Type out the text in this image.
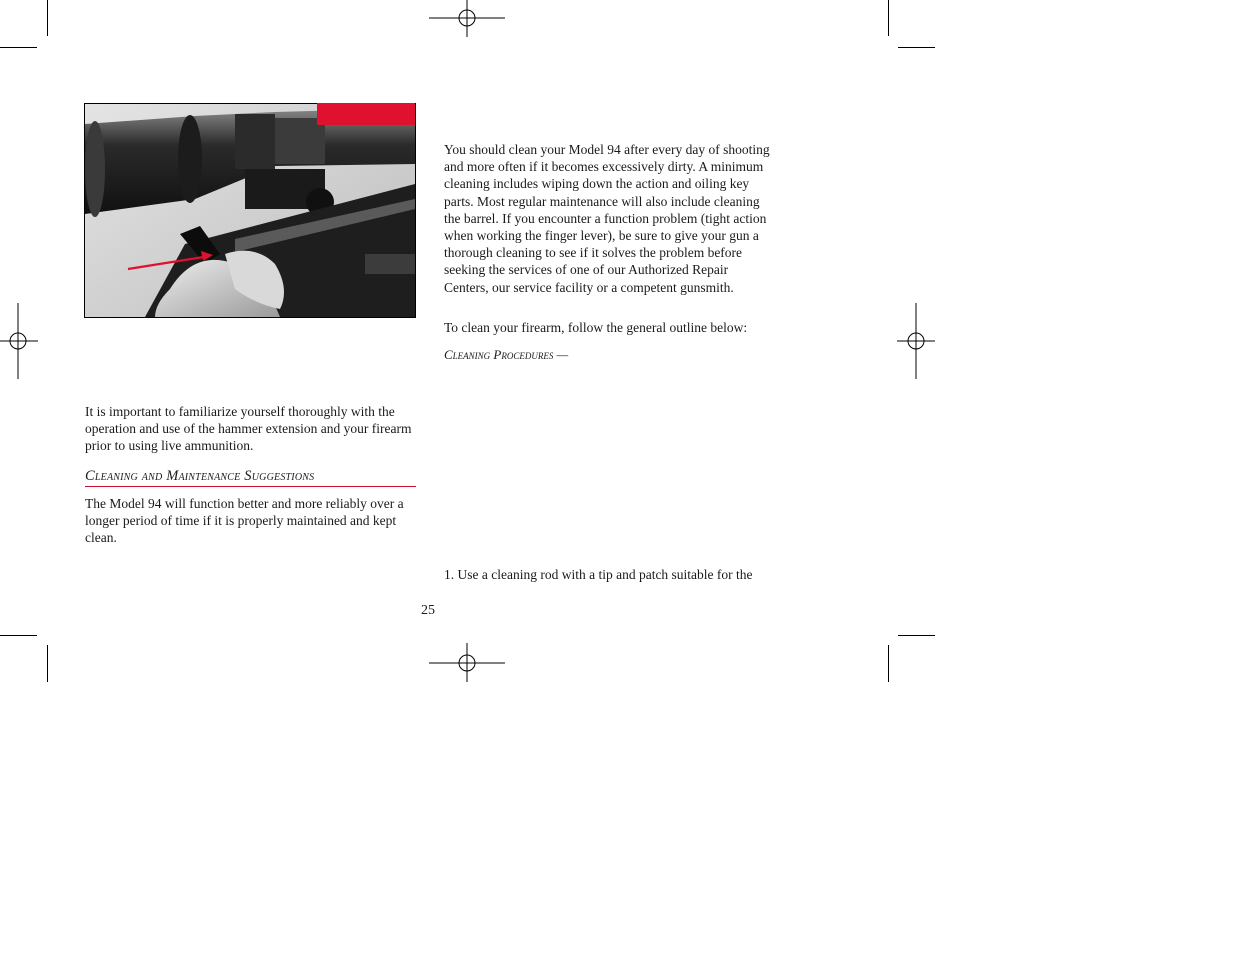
It is important to familiarize yourself thoroughly with the operation and use of the hammer extension and your firearm prior to using live ammunition.

Cleaning and Maintenance Suggestions

The Model 94 will function better and more reliably over a longer period of time if it is properly maintained and kept clean.

You should clean your Model 94 after every day of shooting and more often if it becomes excessively dirty. A minimum cleaning includes wiping down the action and oiling key parts. Most regular maintenance will also include cleaning the barrel. If you encounter a function problem (tight action when working the finger lever), be sure to give your gun a thorough cleaning to see if it solves the problem before seeking the services of one of our Authorized Repair Centers, our service facility or a competent gunsmith.

To clean your firearm, follow the general outline below:

Cleaning Procedures —

1. Use a cleaning rod with a tip and patch suitable for the

25
